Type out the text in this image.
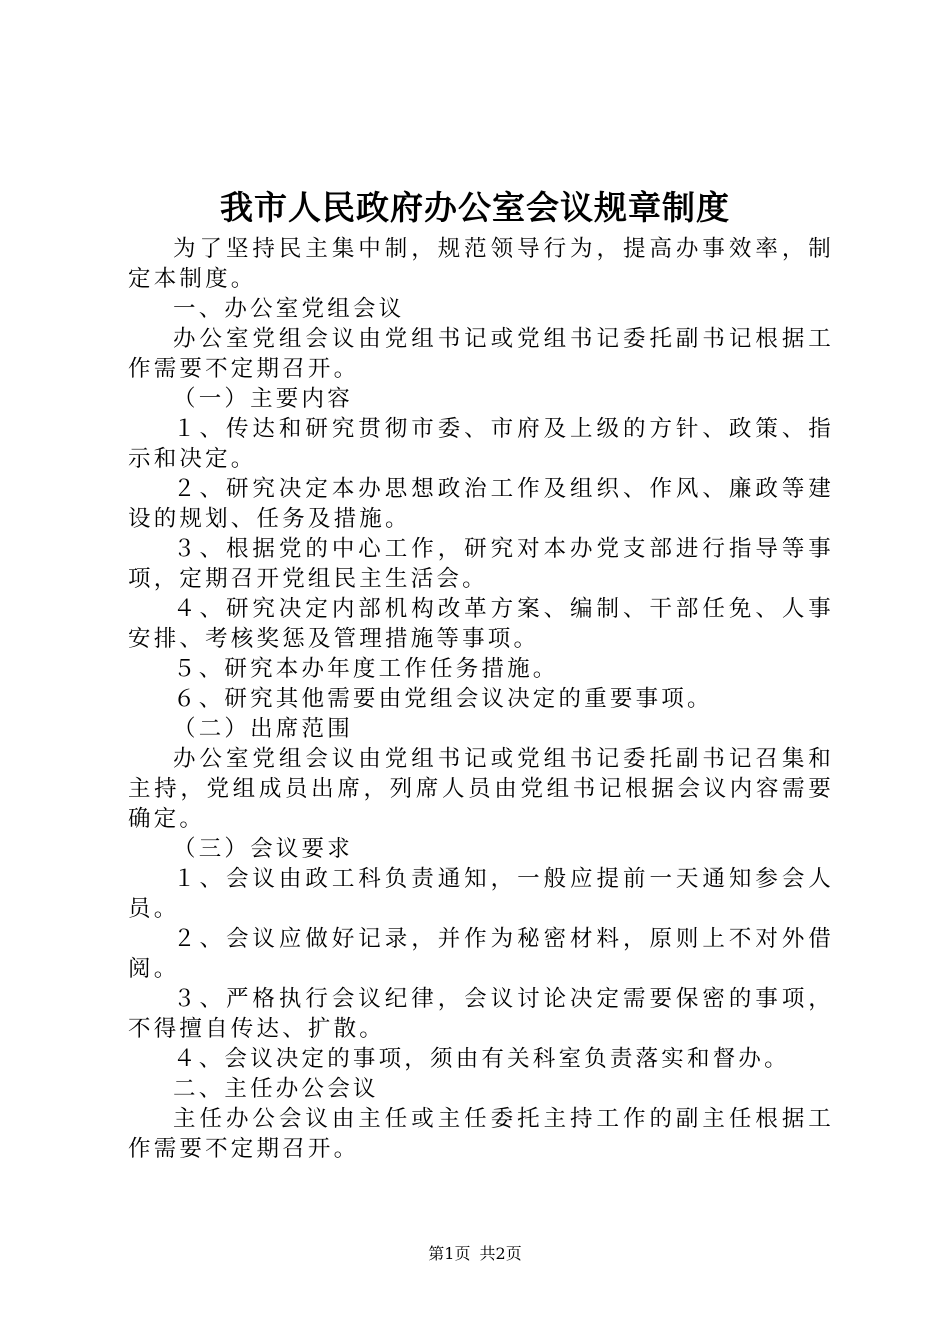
我市人民政府办公室会议规章制度

为了坚持民主集中制，规范领导行为，提高办事效率，制定本制度。

一、办公室党组会议

办公室党组会议由党组书记或党组书记委托副书记根据工作需要不定期召开。

（一）主要内容

１、传达和研究贯彻市委、市府及上级的方针、政策、指示和决定。

２、研究决定本办思想政治工作及组织、作风、廉政等建设的规划、任务及措施。

３、根据党的中心工作，研究对本办党支部进行指导等事项，定期召开党组民主生活会。

４、研究决定内部机构改革方案、编制、干部任免、人事安排、考核奖惩及管理措施等事项。

５、研究本办年度工作任务措施。

６、研究其他需要由党组会议决定的重要事项。

（二）出席范围

办公室党组会议由党组书记或党组书记委托副书记召集和主持，党组成员出席，列席人员由党组书记根据会议内容需要确定。

（三）会议要求

１、会议由政工科负责通知，一般应提前一天通知参会人员。

２、会议应做好记录，并作为秘密材料，原则上不对外借阅。

３、严格执行会议纪律，会议讨论决定需要保密的事项，不得擅自传达、扩散。

４、会议决定的事项，须由有关科室负责落实和督办。

二、主任办公会议

主任办公会议由主任或主任委托主持工作的副主任根据工作需要不定期召开。

第1页 共2页
